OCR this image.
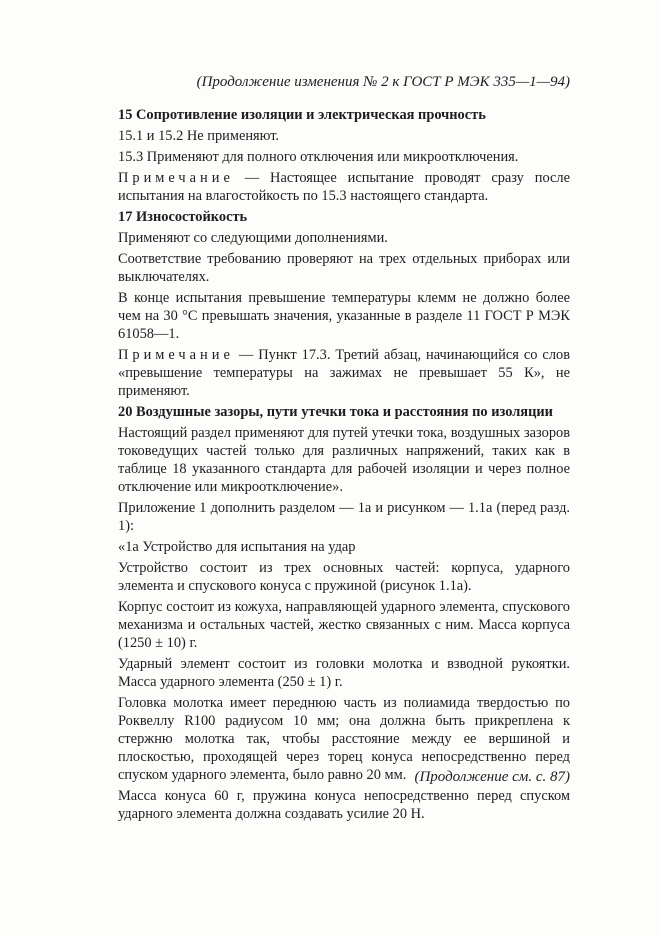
(Продолжение изменения № 2 к ГОСТ Р МЭК 335—1—94)

15 Сопротивление изоляции и электрическая прочность

15.1 и 15.2 Не применяют.

15.3 Применяют для полного отключения или микроотключения.

Примечание — Настоящее испытание проводят сразу после испытания на влагостойкость по 15.3 настоящего стандарта.

17 Износостойкость

Применяют со следующими дополнениями.

Соответствие требованию проверяют на трех отдельных приборах или выключателях.

В конце испытания превышение температуры клемм не должно более чем на 30 °С превышать значения, указанные в разделе 11 ГОСТ Р МЭК 61058—1.

Примечание — Пункт 17.3. Третий абзац, начинающийся со слов «превышение температуры на зажимах не превышает 55 К», не применяют.

20 Воздушные зазоры, пути утечки тока и расстояния по изоляции

Настоящий раздел применяют для путей утечки тока, воздушных зазоров токоведущих частей только для различных напряжений, таких как в таблице 18 указанного стандарта для рабочей изоляции и через полное отключение или микроотключение».

Приложение 1 дополнить разделом — 1а и рисунком — 1.1а (перед разд. 1):

«1а Устройство для испытания на удар

Устройство состоит из трех основных частей: корпуса, ударного элемента и спускового конуса с пружиной (рисунок 1.1а).

Корпус состоит из кожуха, направляющей ударного элемента, спускового механизма и остальных частей, жестко связанных с ним. Масса корпуса (1250 ± 10) г.

Ударный элемент состоит из головки молотка и взводной рукоятки. Масса ударного элемента (250 ± 1) г.

Головка молотка имеет переднюю часть из полиамида твердостью по Роквеллу R100 радиусом 10 мм; она должна быть прикреплена к стержню молотка так, чтобы расстояние между ее вершиной и плоскостью, проходящей через торец конуса непосредственно перед спуском ударного элемента, было равно 20 мм.

Масса конуса 60 г, пружина конуса непосредственно перед спуском ударного элемента должна создавать усилие 20 Н.

(Продолжение см. с. 87)
